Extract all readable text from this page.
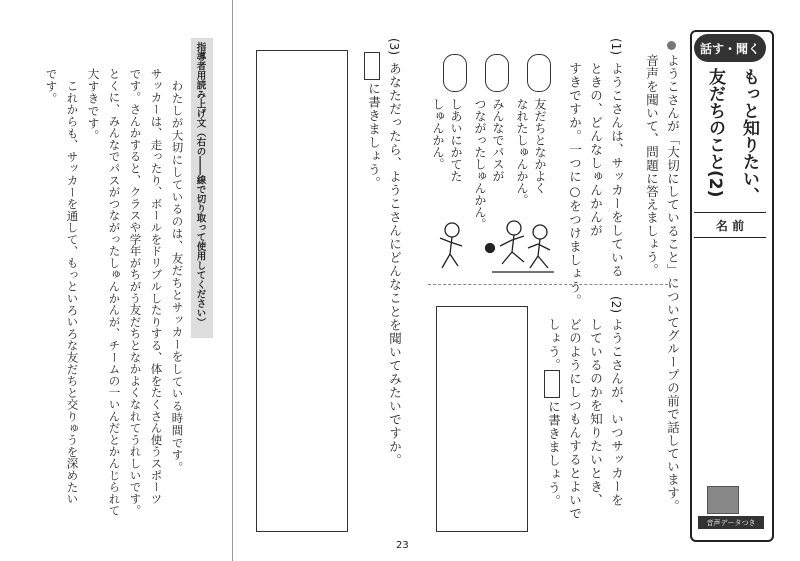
話す・聞く
もっと知りたい、
友だちのこと(2)
名 前
音声データつき
ようこさんが「大切にしていること」についてグループの前で話しています。
音声を聞いて、問題に答えましょう。
(1)
ようこさんは、サッカーをしている
ときの、どんなしゅんかんが
すきですか。一つに○をつけましょう。
友だちとなかよく
なれたしゅんかん。
みんなでパスが
つながったしゅんかん。
しあいにかてた
しゅんかん。
(2)
ようこさんが、いつサッカーを
しているのかを知りたいとき、
どのようにしつもんするとよいで
しょう。
に書きましょう。
(3)
あなただったら、ようこさんにどんなことを聞いてみたいですか。
に書きましょう。
指導者用読み上げ文（右の――線で切り取って使用してください）
わたしが大切にしているのは、友だちとサッカーをしている時間です。
サッカーは、走ったり、ボールをドリブルしたりする、体をたくさん使うスポーツ
です。さんかすると、クラスや学年がちがう友だちとなかよくなれてうれしいです。
とくに、みんなでパスがつながったしゅんかんが、チームの一いんだとかんじられて
大すきです。
これからも、サッカーを通して、もっといろいろな友だちと交りゅうを深めたい
です。
23
